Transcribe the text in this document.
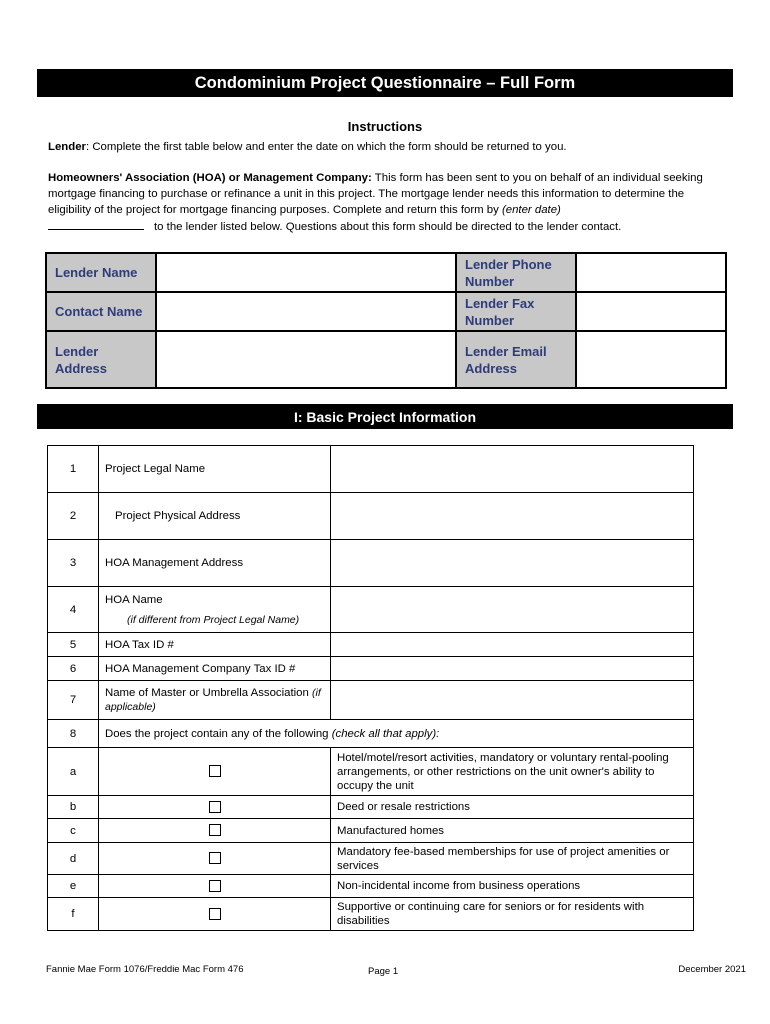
Condominium Project Questionnaire – Full Form
Instructions
Lender: Complete the first table below and enter the date on which the form should be returned to you.
Homeowners' Association (HOA) or Management Company: This form has been sent to you on behalf of an individual seeking mortgage financing to purchase or refinance a unit in this project. The mortgage lender needs this information to determine the eligibility of the project for mortgage financing purposes. Complete and return this form by (enter date)
to the lender listed below. Questions about this form should be directed to the lender contact.
Lender Name		Lender Phone Number	
Contact Name		Lender Fax Number	
Lender Address		Lender Email Address	
I: Basic Project Information
1	Project Legal Name	
2	Project Physical Address	
3	HOA Management Address	
4	HOA Name
(if different from Project Legal Name)	

5	HOA Tax ID #	
6	HOA Management Company Tax ID #	
7	Name of Master or Umbrella Association (if applicable)	
8	Does the project contain any of the following (check all that apply):	
a		Hotel/motel/resort activities, mandatory or voluntary rental-pooling arrangements, or other restrictions on the unit owner's ability to occupy the unit
b		Deed or resale restrictions
c		Manufactured homes
d		Mandatory fee-based memberships for use of project amenities or services
e		Non-incidental income from business operations
f		Supportive or continuing care for seniors or for residents with disabilities
Fannie Mae Form 1076/Freddie Mac Form 476	Page 1	December 2021
